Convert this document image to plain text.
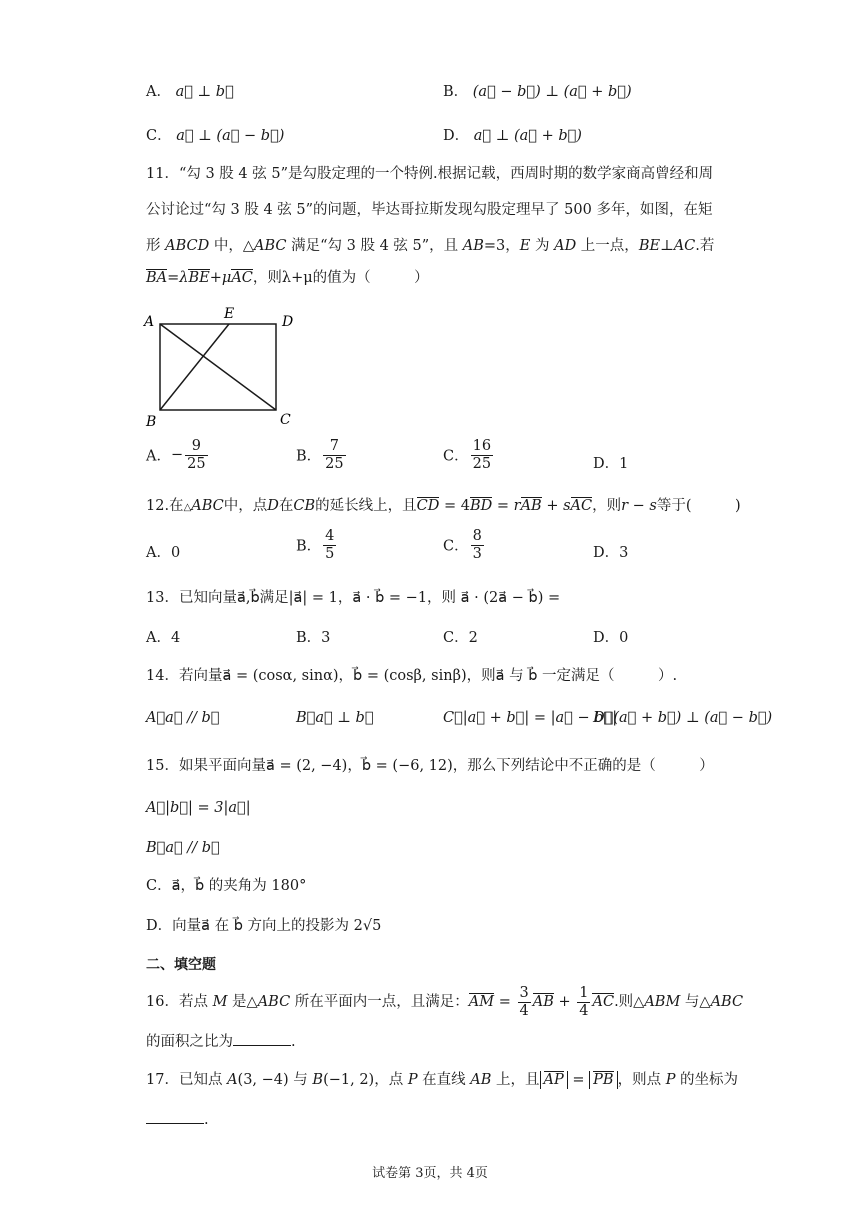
A． a⃗ ⊥ b⃗	B． (a⃗ − b⃗) ⊥ (a⃗ + b⃗)
C． a⃗ ⊥ (a⃗ − b⃗)	D． a⃗ ⊥ (a⃗ + b⃗)
11．“勾 3 股 4 弦 5”是勾股定理的一个特例.根据记载，西周时期的数学家商高曾经和周
公讨论过“勾 3 股 4 弦 5”的问题，毕达哥拉斯发现勾股定理早了 500 多年，如图，在矩
形 ABCD 中，△ABC 满足“勾 3 股 4 弦 5”，且 AB=3，E 为 AD 上一点，BE⊥AC.若
BA=λBE+μAC，则λ+μ的值为（　　　）
A	E	D
B	C
A．− $\frac{9}{25}$	B． $\frac{7}{25}$	C． $\frac{16}{25}$	D．1
12.在△ABC中，点D在CB的延长线上，且CD = 4BD = rAB + sAC，则r − s等于(　　　)
A．0	B． $\frac{4}{5}$	C． $\frac{8}{3}$	D．3
13．已知向量a⃗,b⃗满足|a⃗| = 1，a⃗ · b⃗ = −1，则 a⃗ · (2a⃗ − b⃗) =
A．4	B．3	C．2	D．0
14．若向量a⃗ = (cosα, sinα)，b⃗ = (cosβ, sinβ)，则a⃗ 与 b⃗ 一定满足（　　　）.
A．a⃗ // b⃗	B．a⃗ ⊥ b⃗	C．|a⃗ + b⃗| = |a⃗ − b⃗|
D．(a⃗ + b⃗) ⊥ (a⃗ − b⃗)
15．如果平面向量a⃗ = (2, −4)，b⃗ = (−6, 12)，那么下列结论中不正确的是（　　　）
A．|b⃗| = 3|a⃗|
B．a⃗ // b⃗
C．a⃗，b⃗ 的夹角为 180°
D．向量a⃗ 在 b⃗ 方向上的投影为 2√5
二、填空题
16．若点 M 是△ABC 所在平面内一点，且满足：AM = $\frac{3}{4}$ AB + $\frac{1}{4}$ AC.则△ABM 与△ABC
的面积之比为	.
17．已知点 A(3, −4) 与 B(−1, 2)，点 P 在直线 AB 上，且 AP = PB ，则点 P 的坐标为
.
试卷第 3页，共 4页
